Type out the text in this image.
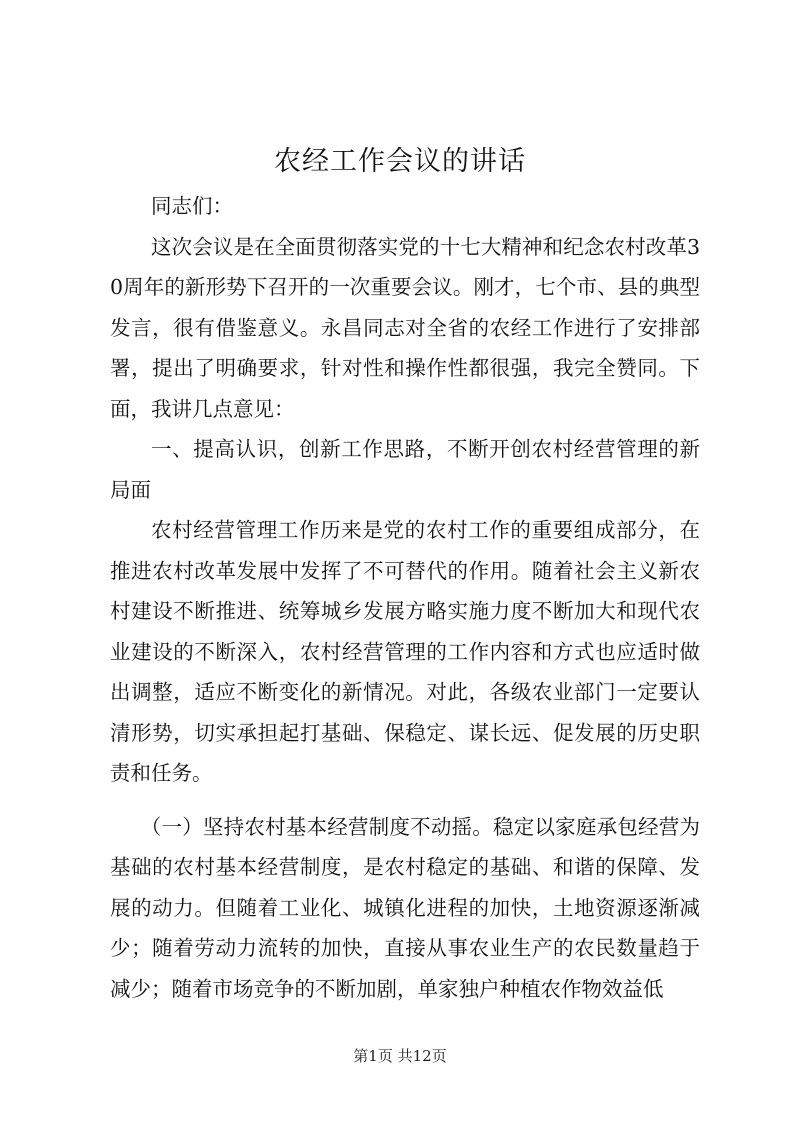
农经工作会议的讲话

同志们：

这次会议是在全面贯彻落实党的十七大精神和纪念农村改革30周年的新形势下召开的一次重要会议。刚才，七个市、县的典型发言，很有借鉴意义。永昌同志对全省的农经工作进行了安排部署，提出了明确要求，针对性和操作性都很强，我完全赞同。下面，我讲几点意见：

一、提高认识，创新工作思路，不断开创农村经营管理的新局面

农村经营管理工作历来是党的农村工作的重要组成部分，在推进农村改革发展中发挥了不可替代的作用。随着社会主义新农村建设不断推进、统筹城乡发展方略实施力度不断加大和现代农业建设的不断深入，农村经营管理的工作内容和方式也应适时做出调整，适应不断变化的新情况。对此，各级农业部门一定要认清形势，切实承担起打基础、保稳定、谋长远、促发展的历史职责和任务。

（一）坚持农村基本经营制度不动摇。稳定以家庭承包经营为基础的农村基本经营制度，是农村稳定的基础、和谐的保障、发展的动力。但随着工业化、城镇化进程的加快，土地资源逐渐减少；随着劳动力流转的加快，直接从事农业生产的农民数量趋于减少；随着市场竞争的不断加剧，单家独户种植农作物效益低

第1页 共12页
